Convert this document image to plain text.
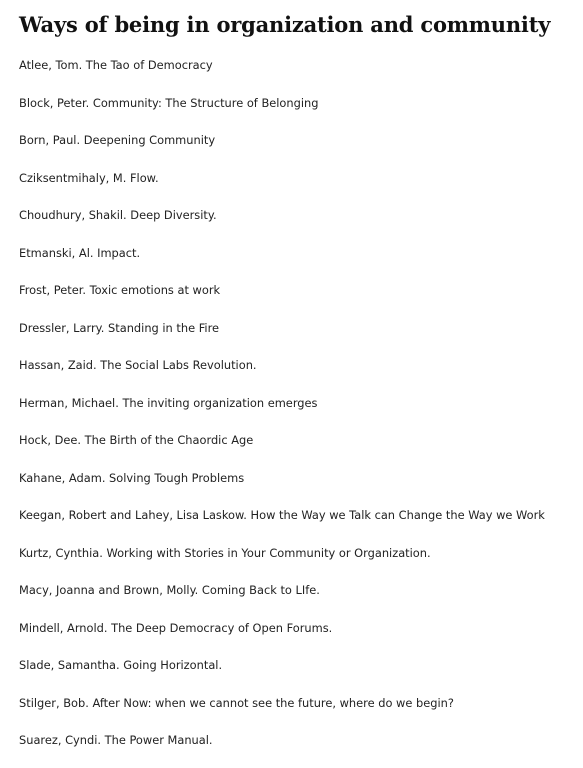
Ways of being in organization and community
Atlee, Tom. The Tao of Democracy
Block, Peter. Community: The Structure of Belonging
Born, Paul. Deepening Community
Cziksentmihaly, M. Flow.
Choudhury, Shakil. Deep Diversity.
Etmanski, Al. Impact.
Frost, Peter. Toxic emotions at work
Dressler, Larry. Standing in the Fire
Hassan, Zaid. The Social Labs Revolution.
Herman, Michael. The inviting organization emerges
Hock, Dee. The Birth of the Chaordic Age
Kahane, Adam. Solving Tough Problems
Keegan, Robert and Lahey, Lisa Laskow. How the Way we Talk can Change the Way we Work
Kurtz, Cynthia. Working with Stories in Your Community or Organization.
Macy, Joanna and Brown, Molly. Coming Back to LIfe.
Mindell, Arnold. The Deep Democracy of Open Forums.
Slade, Samantha. Going Horizontal.
Stilger, Bob. After Now: when we cannot see the future, where do we begin?
Suarez, Cyndi. The Power Manual.
